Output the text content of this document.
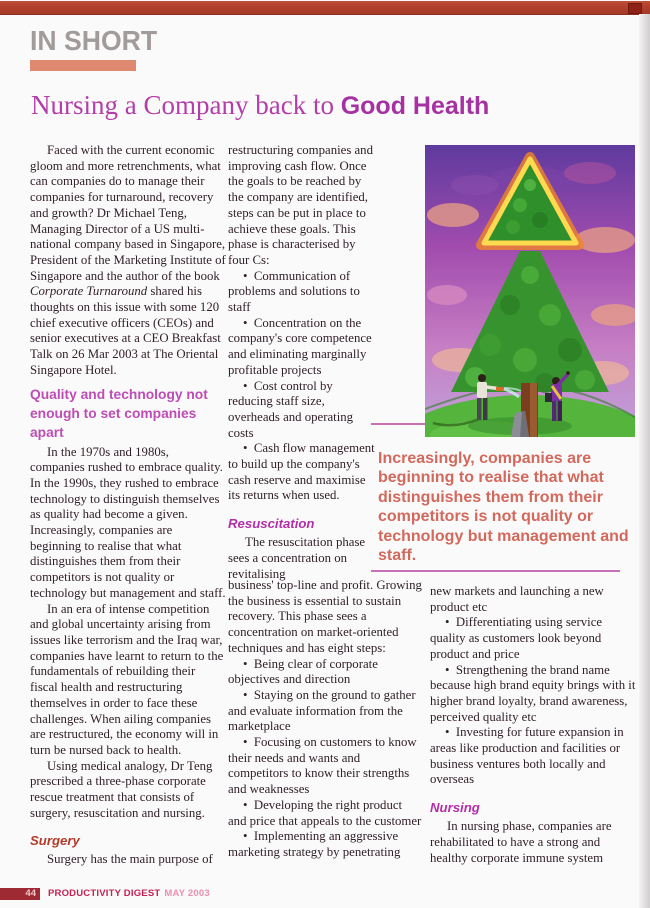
IN SHORT
Nursing a Company back to Good Health

Faced with the current economic gloom and more retrenchments, what can companies do to manage their companies for turnaround, recovery and growth? Dr Michael Teng, Managing Director of a US multi-national company based in Singapore, President of the Marketing Institute of Singapore and the author of the book Corporate Turnaround shared his thoughts on this issue with some 120 chief executive officers (CEOs) and senior executives at a CEO Breakfast Talk on 26 Mar 2003 at The Oriental Singapore Hotel.

Quality and technology not enough to set companies apart

In the 1970s and 1980s, companies rushed to embrace quality. In the 1990s, they rushed to embrace technology to distinguish themselves as quality had become a given. Increasingly, companies are beginning to realise that what distinguishes them from their competitors is not quality or technology but management and staff.

In an era of intense competition and global uncertainty arising from issues like terrorism and the Iraq war, companies have learnt to return to the fundamentals of rebuilding their fiscal health and restructuring themselves in order to face these challenges. When ailing companies are restructured, the economy will in turn be nursed back to health.

Using medical analogy, Dr Teng prescribed a three-phase corporate rescue treatment that consists of surgery, resuscitation and nursing.

Surgery

Surgery has the main purpose of

restructuring companies and improving cash flow. Once the goals to be reached by the company are identified, steps can be put in place to achieve these goals. This phase is characterised by four Cs:

• Communication of problems and solutions to staff

• Concentration on the company's core competence and eliminating marginally profitable projects

• Cost control by reducing staff size, overheads and operating costs

• Cash flow management to build up the company's cash reserve and maximise its returns when used.

Resuscitation

The resuscitation phase sees a concentration on revitalising

business' top-line and profit. Growing the business is essential to sustain recovery. This phase sees a concentration on market-oriented techniques and has eight steps:

• Being clear of corporate objectives and direction

• Staying on the ground to gather and evaluate information from the marketplace

• Focusing on customers to know their needs and wants and competitors to know their strengths and weaknesses

• Developing the right product and price that appeals to the customer

• Implementing an aggressive marketing strategy by penetrating

new markets and launching a new product etc

• Differentiating using service quality as customers look beyond product and price

• Strengthening the brand name because high brand equity brings with it higher brand loyalty, brand awareness, perceived quality etc

• Investing for future expansion in areas like production and facilities or business ventures both locally and overseas

Nursing

In nursing phase, companies are rehabilitated to have a strong and healthy corporate immune system

Increasingly, companies are beginning to realise that what distinguishes them from their competitors is not quality or technology but management and staff.
44	PRODUCTIVITY DIGEST MAY 2003
